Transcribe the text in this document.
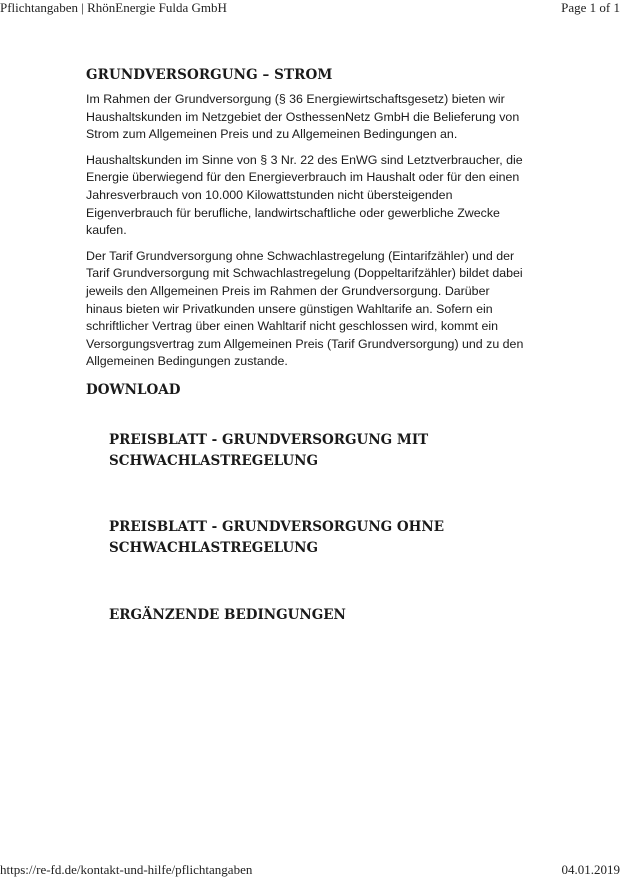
Pflichtangaben | RhönEnergie Fulda GmbH	Page 1 of 1
GRUNDVERSORGUNG – STROM

Im Rahmen der Grundversorgung (§ 36 Energiewirtschaftsgesetz) bieten wir Haushaltskunden im Netzgebiet der OsthessenNetz GmbH die Belieferung von Strom zum Allgemeinen Preis und zu Allgemeinen Bedingungen an.

Haushaltskunden im Sinne von § 3 Nr. 22 des EnWG sind Letztverbraucher, die Energie überwiegend für den Energieverbrauch im Haushalt oder für den einen Jahresverbrauch von 10.000 Kilowattstunden nicht übersteigenden Eigenverbrauch für berufliche, landwirtschaftliche oder gewerbliche Zwecke kaufen.

Der Tarif Grundversorgung ohne Schwachlastregelung (Eintarifzähler) und der Tarif Grundversorgung mit Schwachlastregelung (Doppeltarifzähler) bildet dabei jeweils den Allgemeinen Preis im Rahmen der Grundversorgung. Darüber hinaus bieten wir Privatkunden unsere günstigen Wahltarife an. Sofern ein schriftlicher Vertrag über einen Wahltarif nicht geschlossen wird, kommt ein Versorgungsvertrag zum Allgemeinen Preis (Tarif Grundversorgung) und zu den Allgemeinen Bedingungen zustande.

DOWNLOAD
PREISBLATT - GRUNDVERSORGUNG MIT SCHWACHLASTREGELUNG
PREISBLATT - GRUNDVERSORGUNG OHNE SCHWACHLASTREGELUNG
ERGÄNZENDE BEDINGUNGEN
https://re-fd.de/kontakt-und-hilfe/pflichtangaben	04.01.2019
